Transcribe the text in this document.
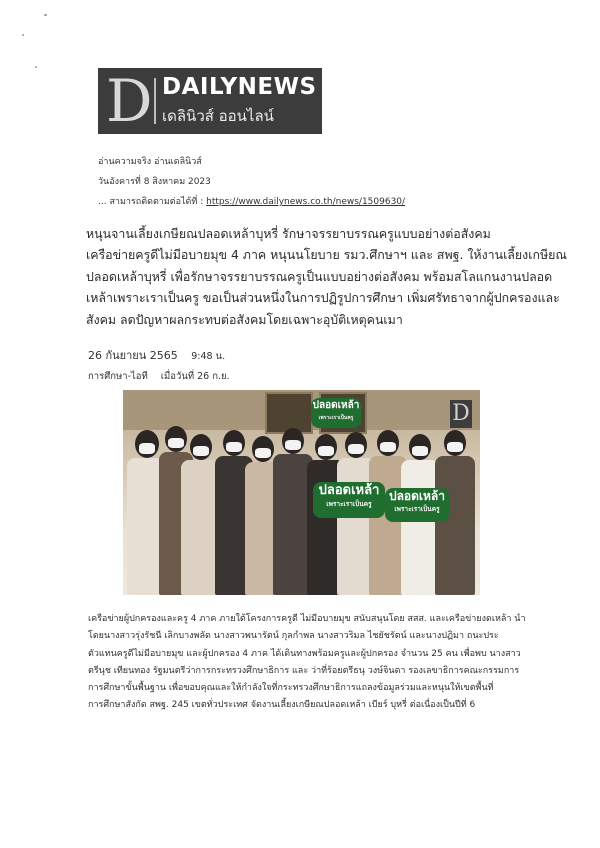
D DAILYNEWS
เดลินิวส์ ออนไลน์
อ่านความจริง อ่านเดลินิวส์
วันอังคารที่ 8 สิงหาคม 2023
... สามารถติดตามต่อได้ที่ : https://www.dailynews.co.th/news/1509630/
หนุนจานเลี้ยงเกษียณปลอดเหล้าบุหรี่ รักษาจรรยาบรรณครูแบบอย่างต่อสังคม
เครือข่ายครูดีไม่มีอบายมุข 4 ภาค หนุนนโยบาย รมว.ศึกษาฯ และ สพฐ. ให้งานเลี้ยงเกษียณ
ปลอดเหล้าบุหรี่ เพื่อรักษาจรรยาบรรณครูเป็นแบบอย่างต่อสังคม พร้อมสโลแกนงานปลอด
เหล้าเพราะเราเป็นครู ขอเป็นส่วนหนึ่งในการปฏิรูปการศึกษา เพิ่มศรัทธาจากผู้ปกครองและ
สังคม ลดปัญหาผลกระทบต่อสังคมโดยเฉพาะอุบัติเหตุคนเมา
26 กันยายน 2565 9:48 น.
การศึกษา-ไอที เมื่อวันที่ 26 ก.ย.
D
ปลอดเหล้า
เพราะเราเป็นครู
ปลอดเหล้า
เพราะเราเป็นครู
ปลอดเหล้า
เพราะเราเป็นครู
เครือข่ายผู้ปกครองและครู 4 ภาค ภายใต้โครงการครูดี ไม่มีอบายมุข สนับสนุนโดย สสส. และเครือข่ายงดเหล้า นำ
โดยนางสาวรุ่งรัชนี เลิกบางพลัด นางสาวพนารัตน์ กุลกำพล นางสาวริมล ไชยัชรัตน์ และนางปฏิมา ถนะประ
ตัวแทนครูดีไม่มีอบายมุข และผู้ปกครอง 4 ภาค ได้เดินทางพร้อมครูและผู้ปกครอง จำนวน 25 คน เพื่อพบ นางสาว
ตรีนุช เทียนทอง รัฐมนตรีว่าการกระทรวงศึกษาธิการ และ ว่าที่ร้อยตรีธนุ วงษ์จินดา รองเลขาธิการคณะกรรมการ
การศึกษาขั้นพื้นฐาน เพื่อขอบคุณและให้กำลังใจที่กระทรวงศึกษาธิการแถลงข้อมูลร่วมและหนุนให้เขตพื้นที่
การศึกษาสังกัด สพฐ. 245 เขตทั่วประเทศ จัดงานเลี้ยงเกษียณปลอดเหล้า เบียร์ บุหรี่ ต่อเนื่องเป็นปีที่ 6
